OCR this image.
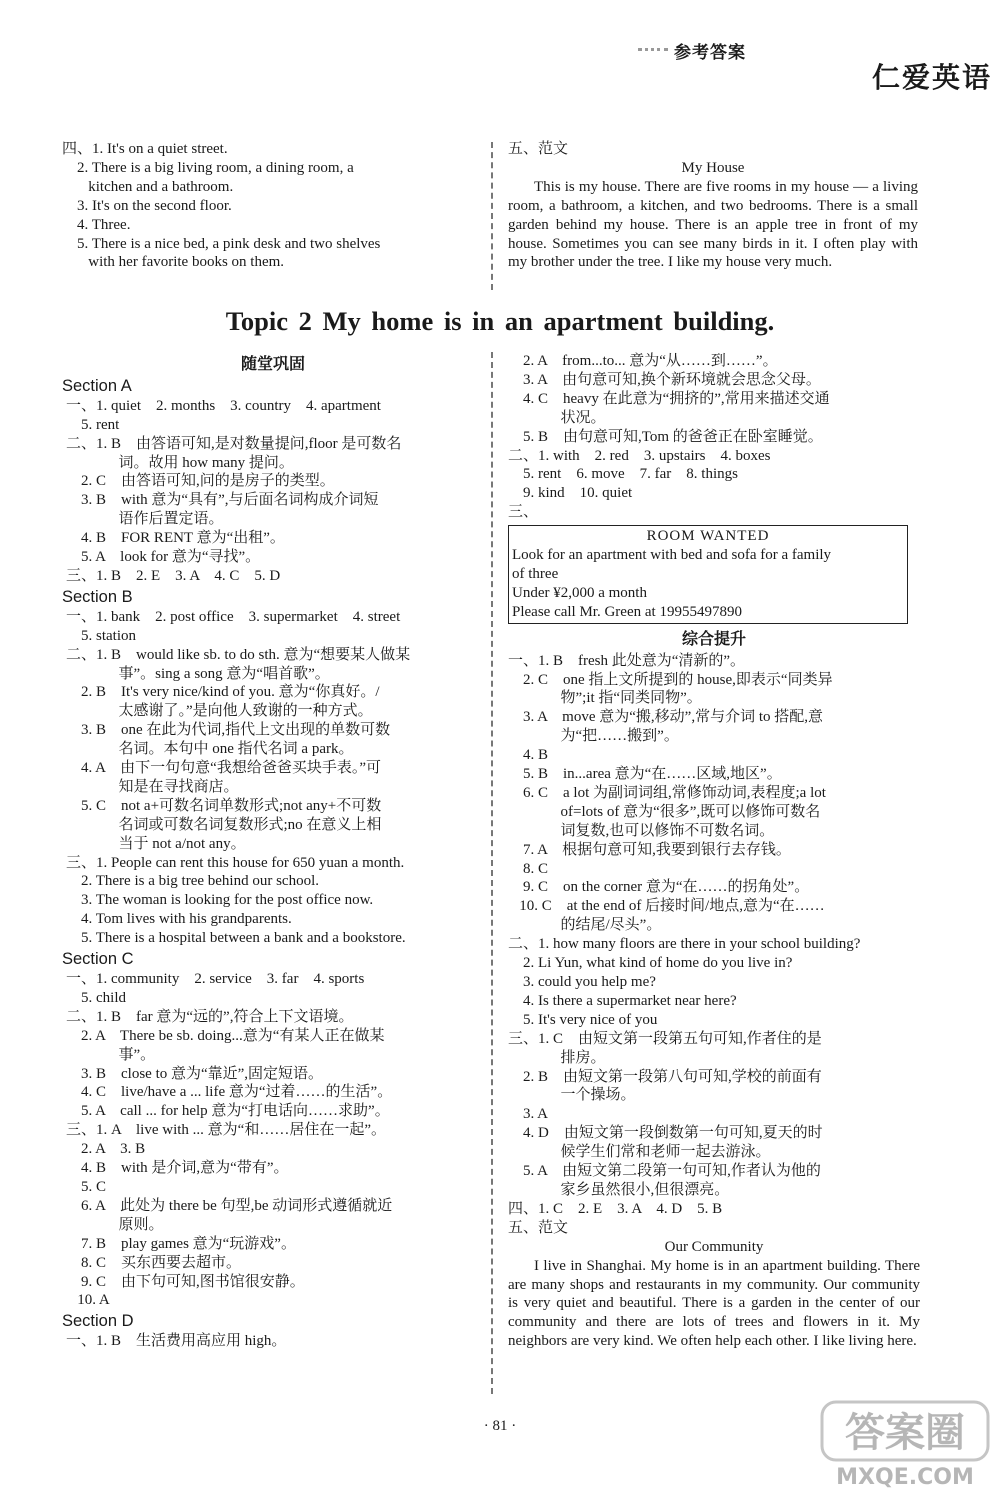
参考答案
仁爱英语
四、1. It's on a quiet street.
2. There is a big living room, a dining room, a
kitchen and a bathroom.
3. It's on the second floor.
4. Three.
5. There is a nice bed, a pink desk and two shelves
with her favorite books on them.
五、范文
My House
This is my house. There are five rooms in my house — a living room, a bathroom, a kitchen, and two bedrooms. There is a small garden behind my house. There is an apple tree in front of my house. Sometimes you can see many birds in it. I often play with my brother under the tree. I like my house very much.
Topic 2 My home is in an apartment building.
随堂巩固
Section A
一、1. quiet    2. months    3. country    4. apartment
5. rent
二、1. B    由答语可知,是对数量提问,floor 是可数名
词。故用 how many 提问。
2. C    由答语可知,问的是房子的类型。
3. B    with 意为“具有”,与后面名词构成介词短
语作后置定语。
4. B    FOR RENT 意为“出租”。
5. A    look for 意为“寻找”。
三、1. B    2. E    3. A    4. C    5. D
Section B
一、1. bank    2. post office    3. supermarket    4. street
5. station
二、1. B    would like sb. to do sth. 意为“想要某人做某
事”。sing a song 意为“唱首歌”。
2. B    It's very nice/kind of you. 意为“你真好。/
太感谢了。”是向他人致谢的一种方式。
3. B    one 在此为代词,指代上文出现的单数可数
名词。本句中 one 指代名词 a park。
4. A    由下一句句意“我想给爸爸买块手表。”可
知是在寻找商店。
5. C    not a+可数名词单数形式;not any+不可数
名词或可数名词复数形式;no 在意义上相
当于 not a/not any。
三、1. People can rent this house for 650 yuan a month.
2. There is a big tree behind our school.
3. The woman is looking for the post office now.
4. Tom lives with his grandparents.
5. There is a hospital between a bank and a bookstore.
Section C
一、1. community    2. service    3. far    4. sports
5. child
二、1. B    far 意为“远的”,符合上下文语境。
2. A    There be sb. doing...意为“有某人正在做某
事”。
3. B    close to 意为“靠近”,固定短语。
4. C    live/have a ... life 意为“过着……的生活”。
5. A    call ... for help 意为“打电话向……求助”。
三、1. A    live with ... 意为“和……居住在一起”。
2. A    3. B
4. B    with 是介词,意为“带有”。
5. C
6. A    此处为 there be 句型,be 动词形式遵循就近
原则。
7. B    play games 意为“玩游戏”。
8. C    买东西要去超市。
9. C    由下句可知,图书馆很安静。
10. A
Section D
一、1. B    生活费用高应用 high。
2. A    from...to... 意为“从……到……”。
3. A    由句意可知,换个新环境就会思念父母。
4. C    heavy 在此意为“拥挤的”,常用来描述交通
状况。
5. B    由句意可知,Tom 的爸爸正在卧室睡觉。
二、1. with    2. red    3. upstairs    4. boxes
5. rent    6. move    7. far    8. things
9. kind    10. quiet
三、
ROOM WANTED
Look for an apartment with bed and sofa for a family
of three
Under ¥2,000 a month
Please call Mr. Green at 19955497890
综合提升
一、1. B    fresh 此处意为“清新的”。
2. C    one 指上文所提到的 house,即表示“同类异
物”;it 指“同类同物”。
3. A    move 意为“搬,移动”,常与介词 to 搭配,意
为“把……搬到”。
4. B
5. B    in...area 意为“在……区域,地区”。
6. C    a lot 为副词词组,常修饰动词,表程度;a lot
of=lots of 意为“很多”,既可以修饰可数名
词复数,也可以修饰不可数名词。
7. A    根据句意可知,我要到银行去存钱。
8. C
9. C    on the corner 意为“在……的拐角处”。
10. C    at the end of 后接时间/地点,意为“在……
的结尾/尽头”。
二、1. how many floors are there in your school building?
2. Li Yun, what kind of home do you live in?
3. could you help me?
4. Is there a supermarket near here?
5. It's very nice of you
三、1. C    由短文第一段第五句可知,作者住的是
排房。
2. B    由短文第一段第八句可知,学校的前面有
一个操场。
3. A
4. D    由短文第一段倒数第一句可知,夏天的时
候学生们常和老师一起去游泳。
5. A    由短文第二段第一句可知,作者认为他的
家乡虽然很小,但很漂亮。
四、1. C    2. E    3. A    4. D    5. B
五、范文
Our Community
I live in Shanghai. My home is in an apartment building. There are many shops and restaurants in my community. Our community is very quiet and beautiful. There is a garden in the center of our community and there are lots of trees and flowers in it. My neighbors are very kind. We often help each other. I like living here.
· 81 ·	答案圈
MXQE.COM
